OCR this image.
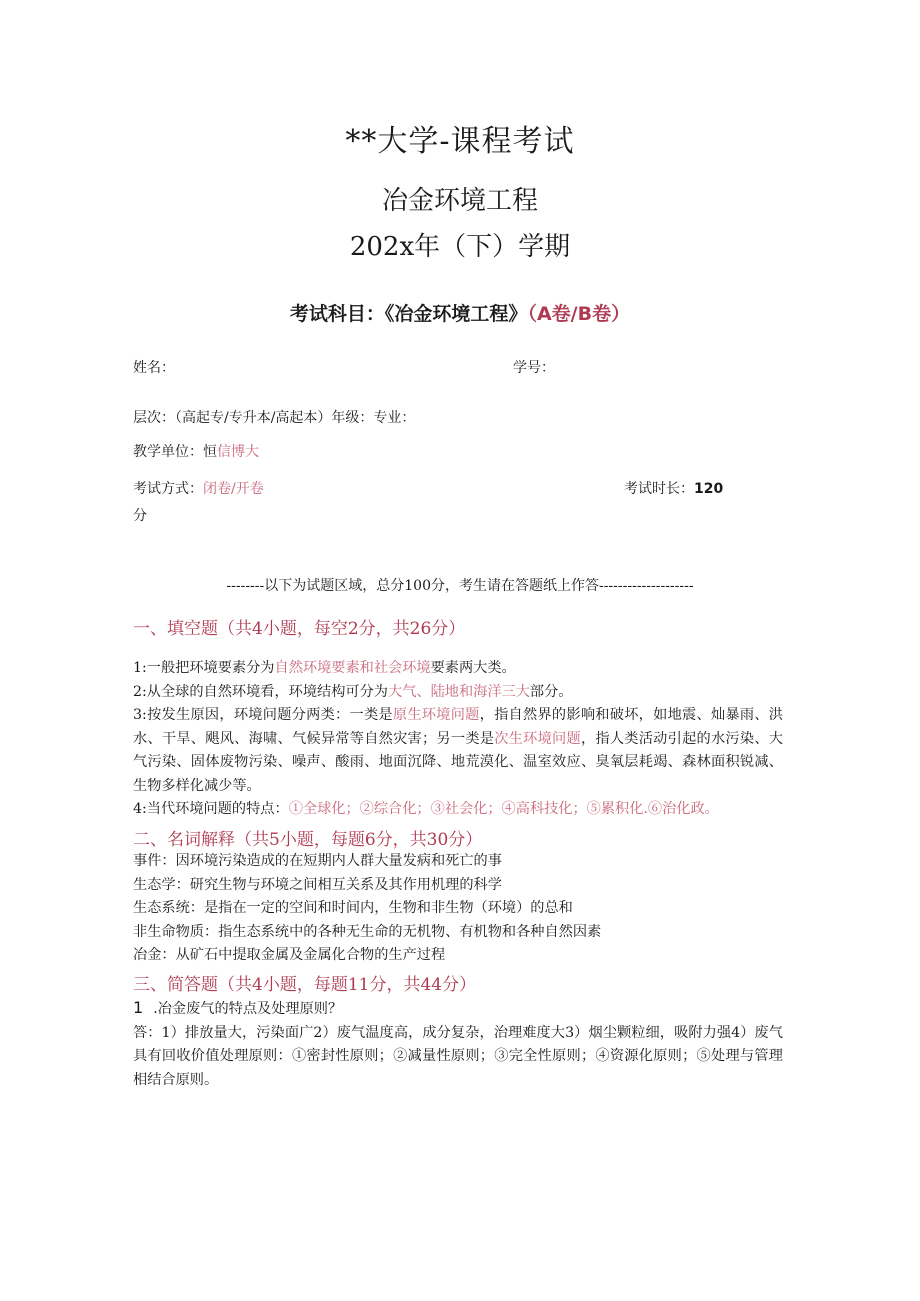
**大学-课程考试
冶金环境工程
202x年（下）学期
考试科目：《冶金环境工程》（A卷/B卷）
姓名：	学号：
层次：（高起专/专升本/高起本）年级：专业：
教学单位：恒信博大
考试方式：闭卷/开卷	考试时长：120
分
--------以下为试题区域，总分100分，考生请在答题纸上作答--------------------
一、填空题（共4小题，每空2分，共26分）
1:一般把环境要素分为自然环境要素和社会环境要素两大类。
2:从全球的自然环境看，环境结构可分为大气、陆地和海洋三大部分。
3:按发生原因，环境问题分两类：一类是原生环境问题，指自然界的影响和破坏，如地震、灿暴雨、洪水、干旱、飓风、海啸、气候异常等自然灾害；另一类是次生环境问题，指人类活动引起的水污染、大气污染、固体废物污染、噪声、酸雨、地面沉降、地荒漠化、温室效应、臭氧层耗竭、森林面积锐减、生物多样化减少等。
4:当代环境问题的特点：①全球化；②综合化；③社会化；④高科技化；⑤累积化.⑥治化政。
二、名词解释（共5小题，每题6分，共30分）
事件：因环境污染造成的在短期内人群大量发病和死亡的事
生态学：研究生物与环境之间相互关系及其作用机理的科学
生态系统：是指在一定的空间和时间内，生物和非生物（环境）的总和
非生命物质：指生态系统中的各种无生命的无机物、有机物和各种自然因素
冶金：从矿石中提取金属及金属化合物的生产过程
三、简答题（共4小题，每题11分，共44分）
1 .冶金废气的特点及处理原则？
答：1）排放量大，污染面广2）废气温度高，成分复杂，治理难度大3）烟尘颗粒细，吸附力强4）废气具有回收价值处理原则：①密封性原则；②减量性原则；③完全性原则；④资源化原则；⑤处理与管理相结合原则。
